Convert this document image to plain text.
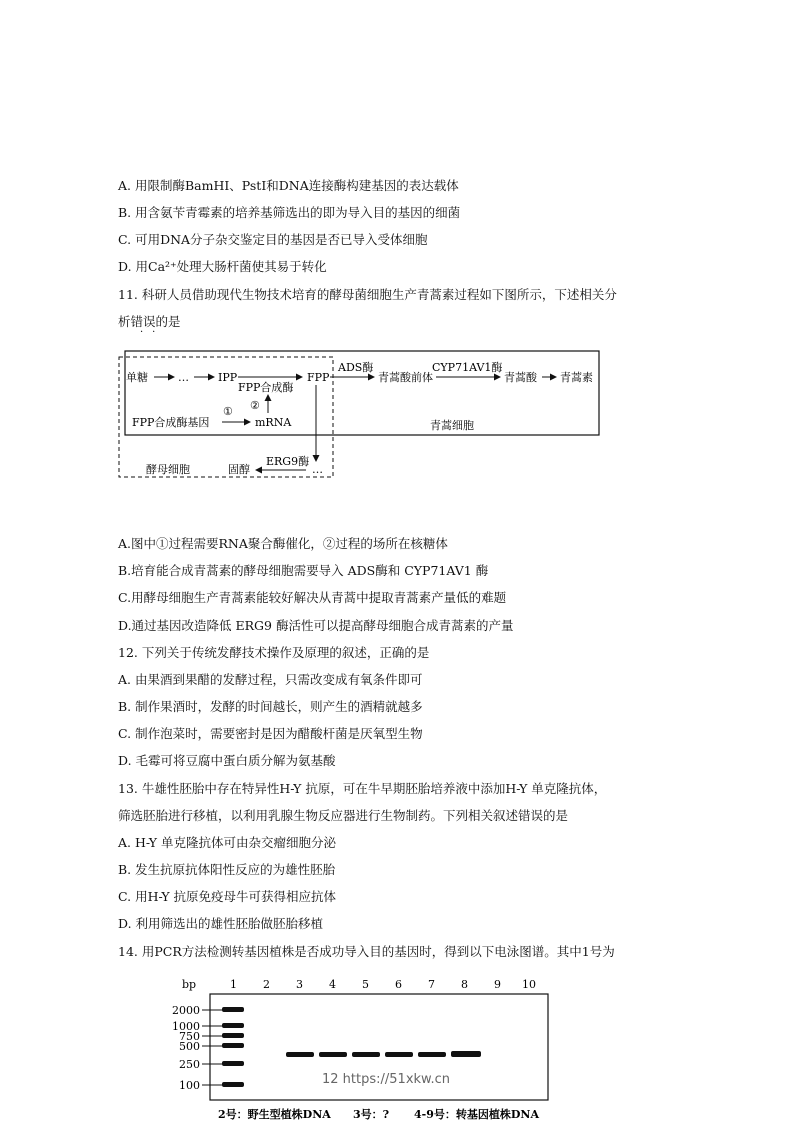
A. 用限制酶BamHⅠ、PstⅠ和DNA连接酶构建基因的表达载体
B. 用含氨苄青霉素的培养基筛选出的即为导入目的基因的细菌
C. 可用DNA分子杂交鉴定目的基因是否已导入受体细胞
D. 用Ca²⁺处理大肠杆菌使其易于转化
11. 科研人员借助现代生物技术培育的酵母菌细胞生产青蒿素过程如下图所示，下述相关分
析错误的是
··
单糖	…	IPP	FPP
ADS酶
青蒿酸前体
CYP71AV1酶
青蒿酸 青蒿素
FPP合成酶
②
FPP合成酶基因
①
mRNA	青蒿细胞
…
ERG9酶
固醇
酵母细胞
A.图中①过程需要RNA聚合酶催化，②过程的场所在核糖体
B.培育能合成青蒿素的酵母细胞需要导入 ADS酶和 CYP71AV1 酶
C.用酵母细胞生产青蒿素能较好解决从青蒿中提取青蒿素产量低的难题
D.通过基因改造降低 ERG9 酶活性可以提高酵母细胞合成青蒿素的产量
12. 下列关于传统发酵技术操作及原理的叙述，正确的是
A. 由果酒到果醋的发酵过程，只需改变成有氧条件即可
B. 制作果酒时，发酵的时间越长，则产生的酒精就越多
C. 制作泡菜时，需要密封是因为醋酸杆菌是厌氧型生物
D. 毛霉可将豆腐中蛋白质分解为氨基酸
13. 牛雄性胚胎中存在特异性H-Y 抗原，可在牛早期胚胎培养液中添加H-Y 单克隆抗体，
筛选胚胎进行移植，以利用乳腺生物反应器进行生物制药。下列相关叙述错误的是
A. H-Y 单克隆抗体可由杂交瘤细胞分泌
B. 发生抗原抗体阳性反应的为雄性胚胎
C. 用H-Y 抗原免疫母牛可获得相应抗体
D. 利用筛选出的雄性胚胎做胚胎移植
14. 用PCR方法检测转基因植株是否成功导入目的基因时，得到以下电泳图谱。其中1号为
bp	1 2 3 4 5 6 7 8 9 10
2000
1000
750
500
250
100
2号：野生型植株DNA 3号：? 4-9号：转基因植株DNA
12 https://51xkw.cn
